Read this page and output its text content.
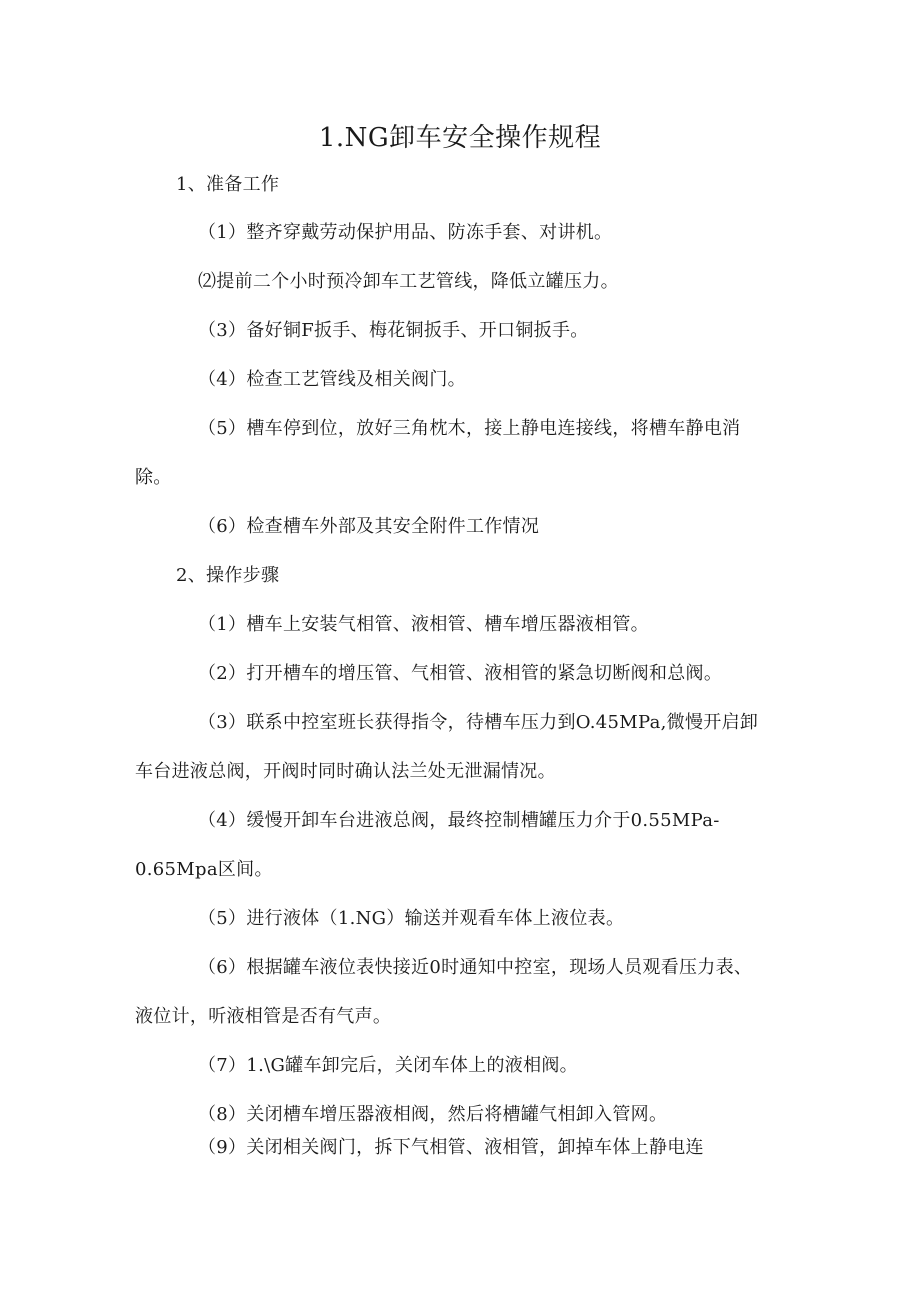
1.NG卸车安全操作规程
1、准备工作
（1）整齐穿戴劳动保护用品、防冻手套、对讲机。
⑵提前二个小时预冷卸车工艺管线，降低立罐压力。
（3）备好铜F扳手、梅花铜扳手、开口铜扳手。
（4）检查工艺管线及相关阀门。
（5）槽车停到位，放好三角枕木，接上静电连接线，将槽车静电消
除。
（6）检查槽车外部及其安全附件工作情况
2、操作步骤
（1）槽车上安装气相管、液相管、槽车增压器液相管。
（2）打开槽车的增压管、气相管、液相管的紧急切断阀和总阀。
（3）联系中控室班长获得指令，待槽车压力到O.45MPa,微慢开启卸
车台进液总阀，开阀时同时确认法兰处无泄漏情况。
（4）缓慢开卸车台进液总阀，最终控制槽罐压力介于0.55MPa-
0.65Mpa区间。
（5）进行液体（1.NG）输送并观看车体上液位表。
（6）根据罐车液位表快接近0时通知中控室，现场人员观看压力表、
液位计，听液相管是否有气声。
（7）1.\G罐车卸完后，关闭车体上的液相阀。
（8）关闭槽车增压器液相阀，然后将槽罐气相卸入管网。
（9）关闭相关阀门，拆下气相管、液相管，卸掉车体上静电连
